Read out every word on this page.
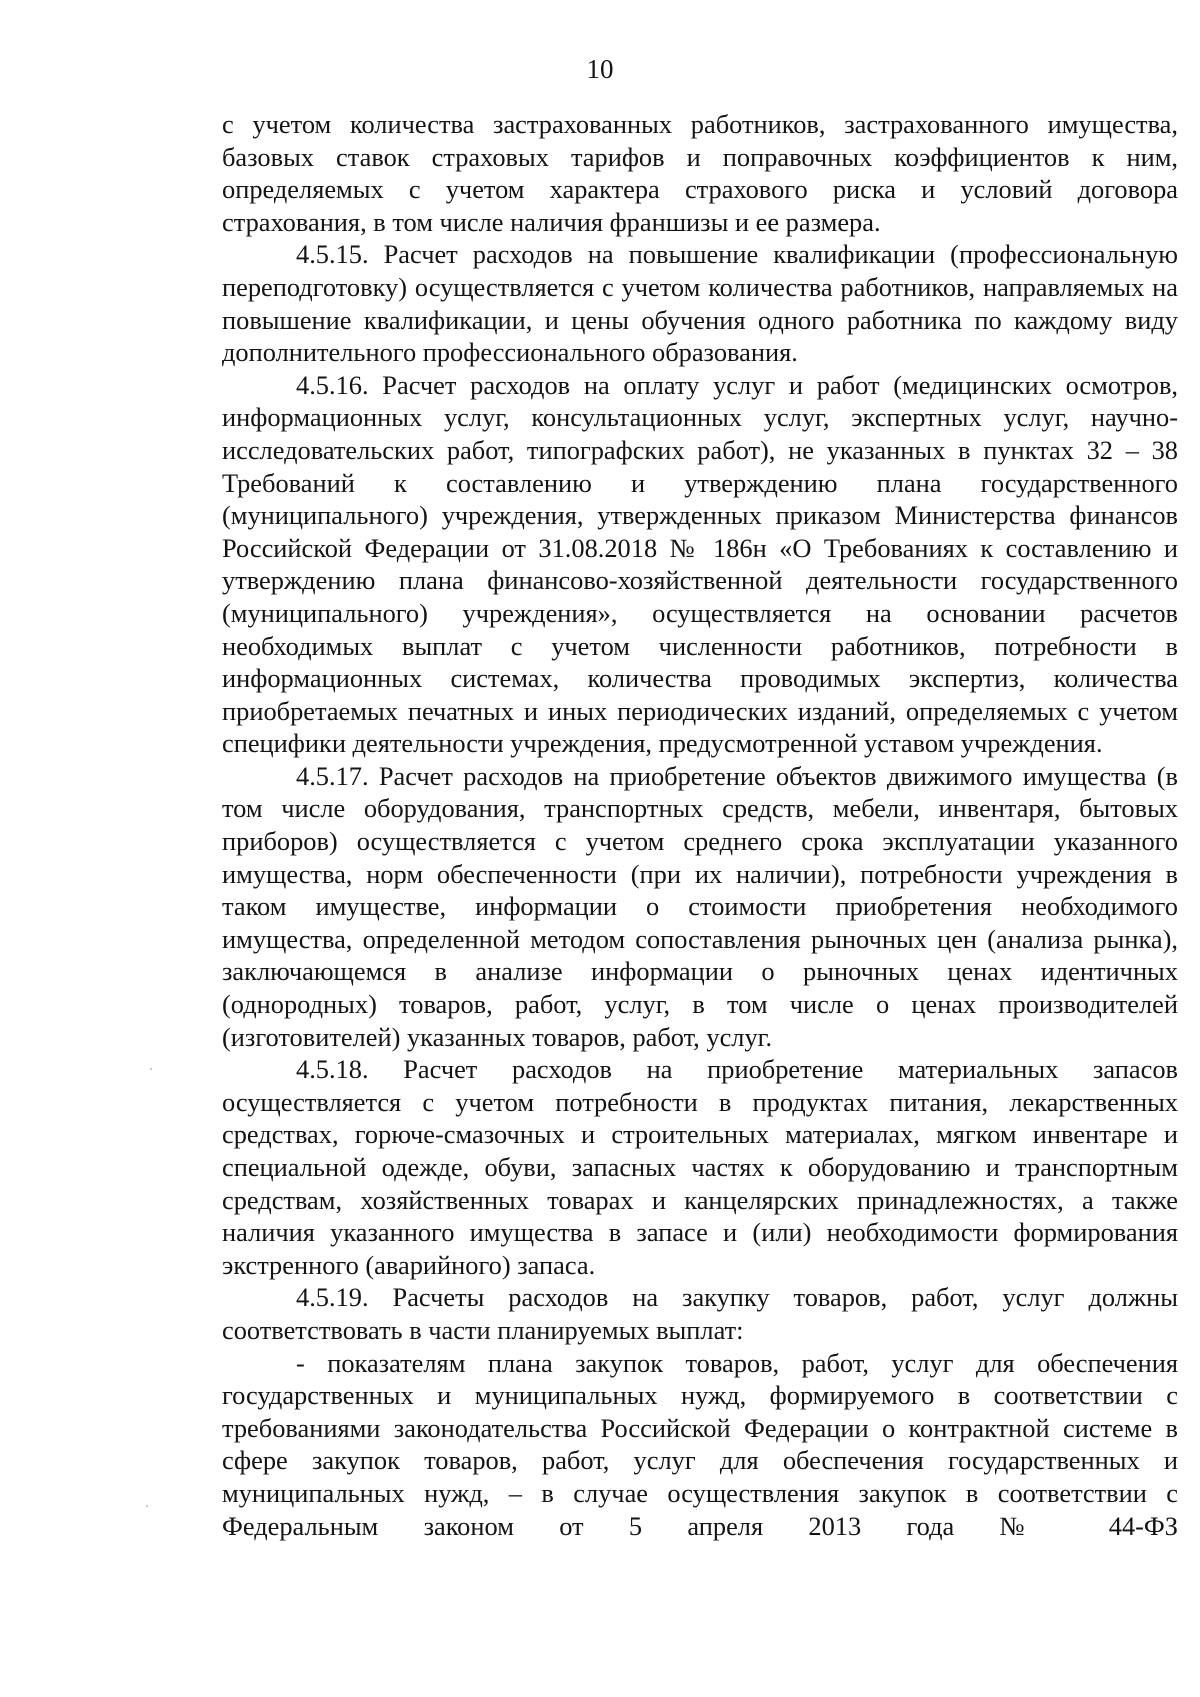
10

с учетом количества застрахованных работников, застрахованного имущества, базовых ставок страховых тарифов и поправочных коэффициентов к ним, определяемых с учетом характера страхового риска и условий договора страхования, в том числе наличия франшизы и ее размера.

4.5.15. Расчет расходов на повышение квалификации (профессиональную переподготовку) осуществляется с учетом количества работников, направляемых на повышение квалификации, и цены обучения одного работника по каждому виду дополнительного профессионального образования.

4.5.16. Расчет расходов на оплату услуг и работ (медицинских осмотров, информационных услуг, консультационных услуг, экспертных услуг, научно-исследовательских работ, типографских работ), не указанных в пунктах 32 – 38 Требований к составлению и утверждению плана государственного (муниципального) учреждения, утвержденных приказом Министерства финансов Российской Федерации от 31.08.2018 № 186н «О Требованиях к составлению и утверждению плана финансово-хозяйственной деятельности государственного (муниципального) учреждения», осуществляется на основании расчетов необходимых выплат с учетом численности работников, потребности в информационных системах, количества проводимых экспертиз, количества приобретаемых печатных и иных периодических изданий, определяемых с учетом специфики деятельности учреждения, предусмотренной уставом учреждения.

4.5.17. Расчет расходов на приобретение объектов движимого имущества (в том числе оборудования, транспортных средств, мебели, инвентаря, бытовых приборов) осуществляется с учетом среднего срока эксплуатации указанного имущества, норм обеспеченности (при их наличии), потребности учреждения в таком имуществе, информации о стоимости приобретения необходимого имущества, определенной методом сопоставления рыночных цен (анализа рынка), заключающемся в анализе информации о рыночных ценах идентичных (однородных) товаров, работ, услуг, в том числе о ценах производителей (изготовителей) указанных товаров, работ, услуг.

4.5.18. Расчет расходов на приобретение материальных запасов осуществляется с учетом потребности в продуктах питания, лекарственных средствах, горюче-смазочных и строительных материалах, мягком инвентаре и специальной одежде, обуви, запасных частях к оборудованию и транспортным средствам, хозяйственных товарах и канцелярских принадлежностях, а также наличия указанного имущества в запасе и (или) необходимости формирования экстренного (аварийного) запаса.

4.5.19. Расчеты расходов на закупку товаров, работ, услуг должны соответствовать в части планируемых выплат:

- показателям плана закупок товаров, работ, услуг для обеспечения государственных и муниципальных нужд, формируемого в соответствии с требованиями законодательства Российской Федерации о контрактной системе в сфере закупок товаров, работ, услуг для обеспечения государственных и муниципальных нужд, – в случае осуществления закупок в соответствии с Федеральным законом от 5 апреля 2013 года № 44-ФЗ
